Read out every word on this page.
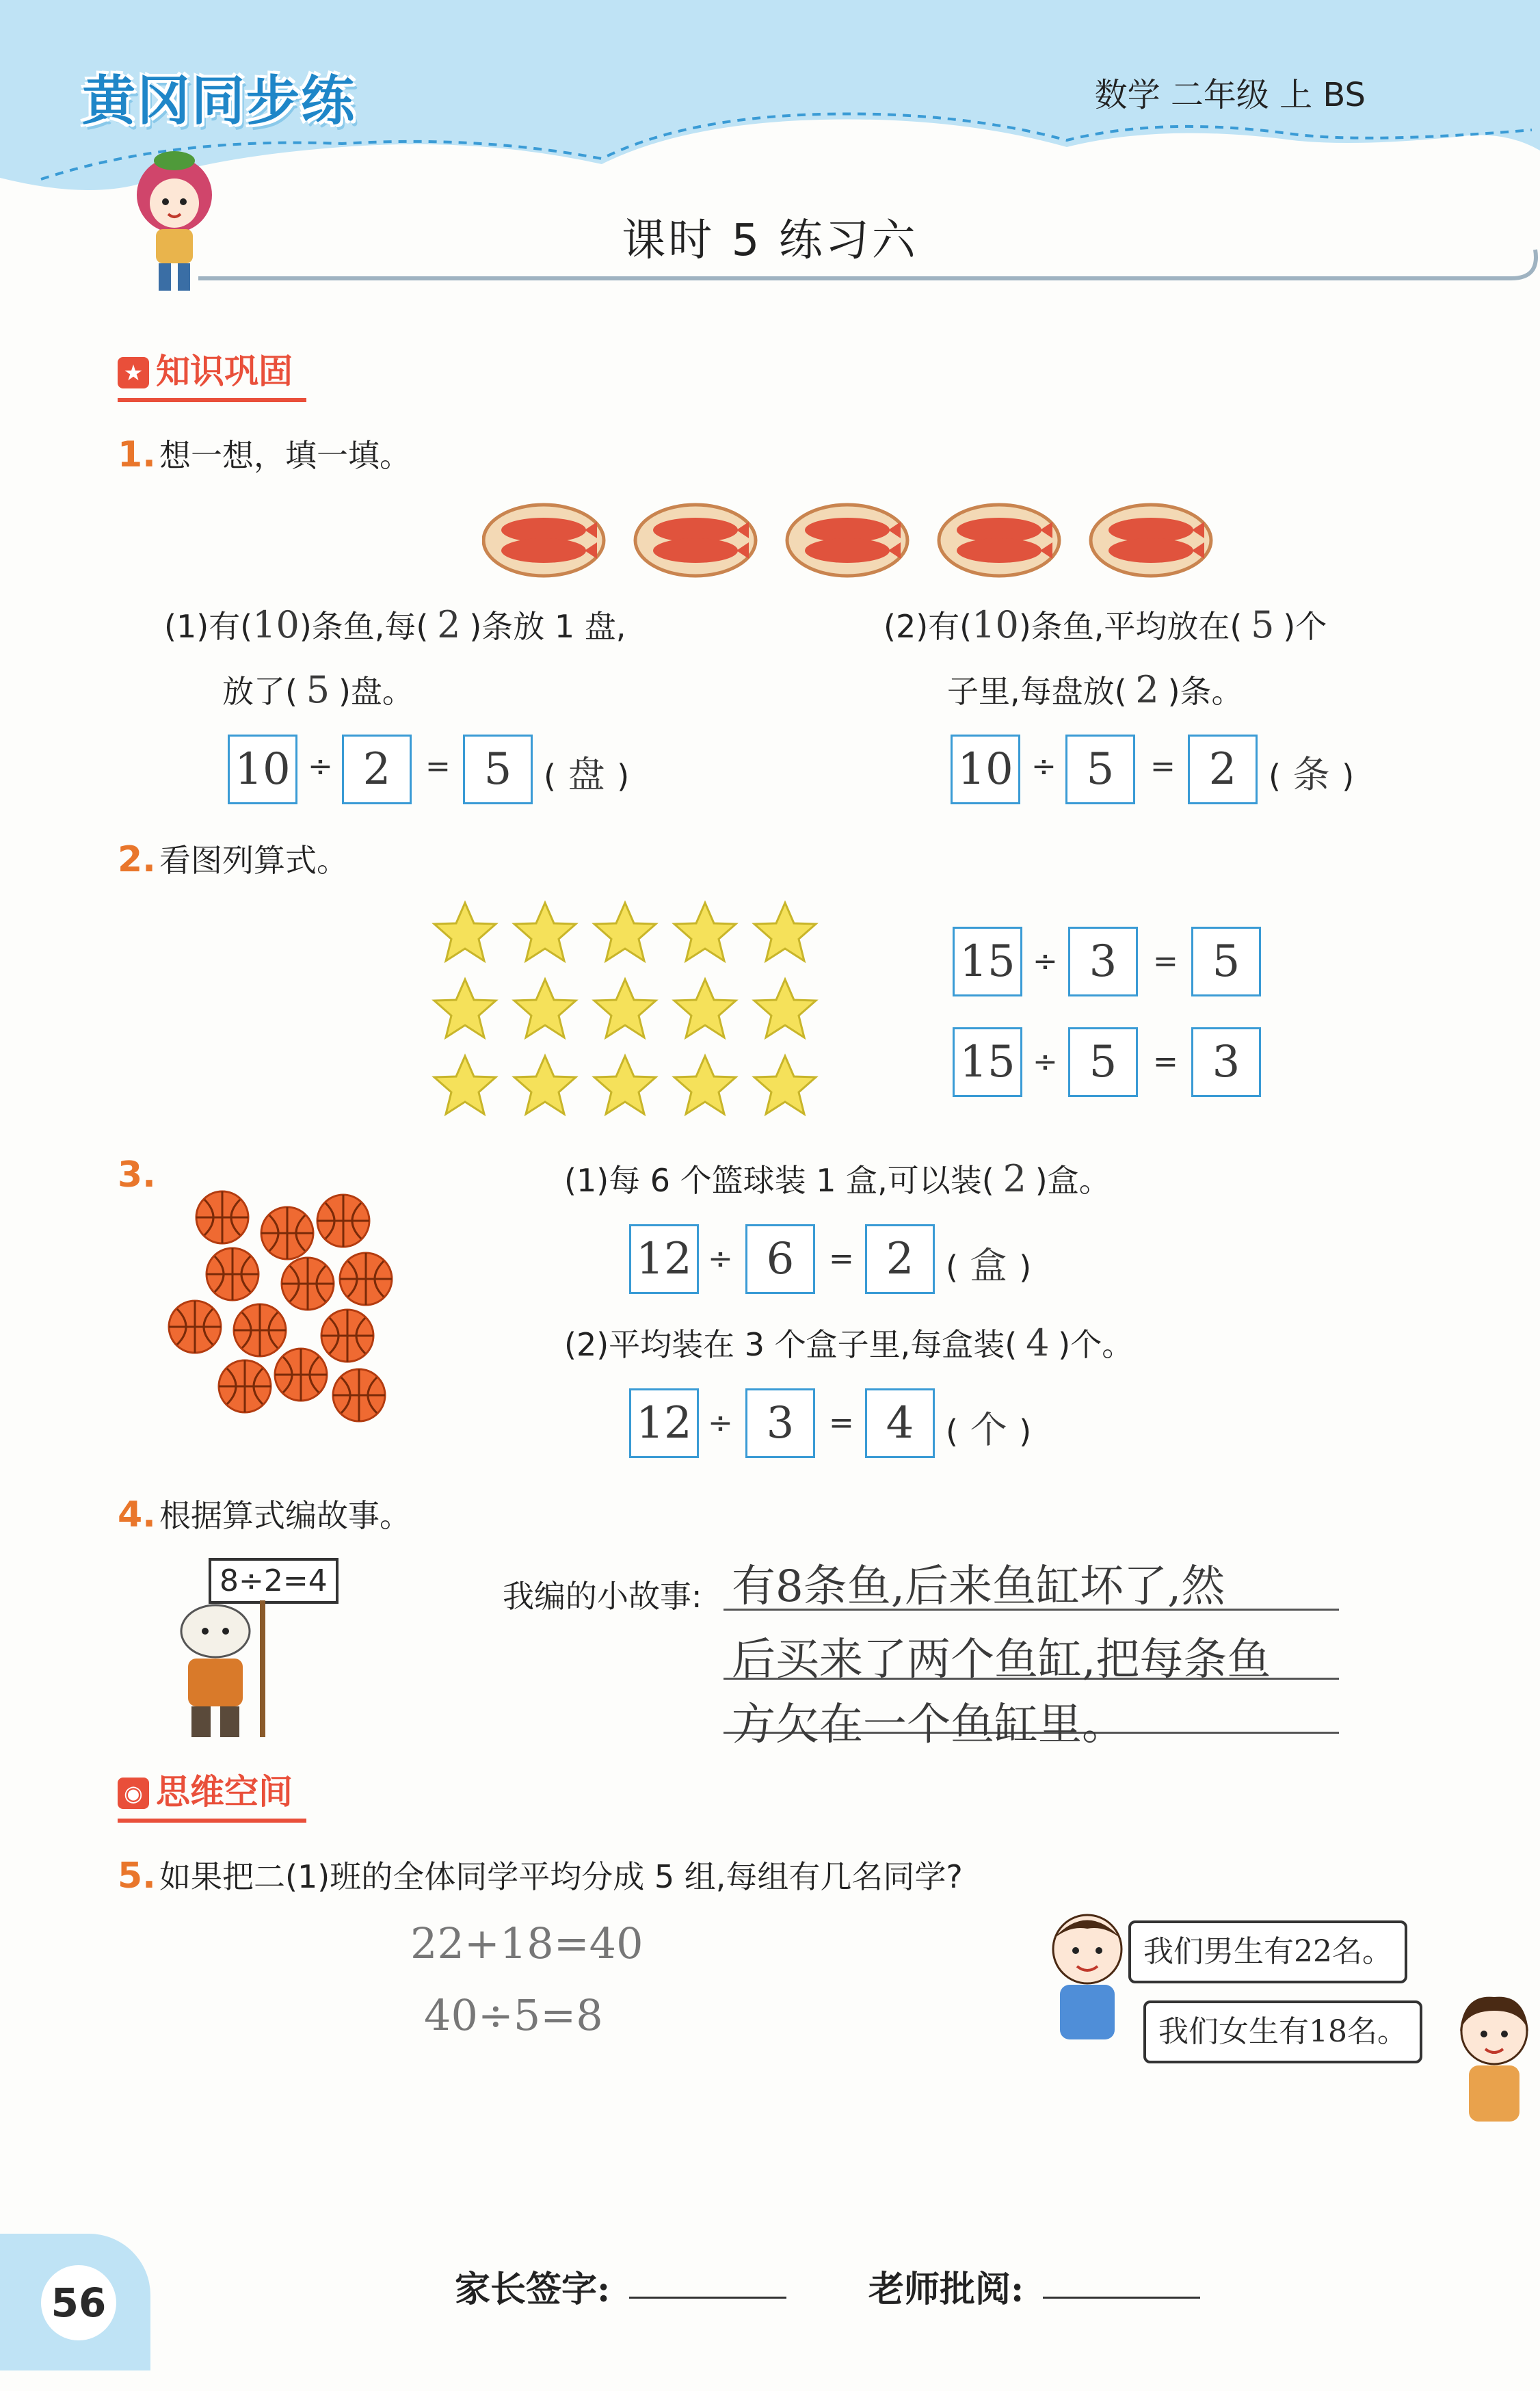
黄冈同步练	数学 二年级 上 BS
课时 5 练习六
★ 知识巩固
1. 想一想，填一填。
(1)有(10)条鱼,每( 2 )条放 1 盘,
放了( 5 )盘。
(2)有(10)条鱼,平均放在( 5 )个
子里,每盘放( 2 )条。
10 ÷ 2	= 5	( 盘 )	10 ÷ 5	= 2	( 条 )
2. 看图列算式。
15 ÷ 3	= 5
15 ÷ 5	= 3
3.	(1)每 6 个篮球装 1 盒,可以装( 2 )盒。
12 ÷ 6	= 2	( 盒 )
(2)平均装在 3 个盒子里,每盒装( 4 )个。
12 ÷ 3	= 4	( 个 )
4. 根据算式编故事。
8÷2=4	我编的小故事: 有8条鱼,后来鱼缸坏了,然
后买来了两个鱼缸,把每条鱼
方欠在一个鱼缸里。
◉ 思维空间
5. 如果把二(1)班的全体同学平均分成 5 组,每组有几名同学?
22+18=40
40÷5=8
我们男生有22名。
我们女生有18名。
56	家长签字:	老师批阅:
